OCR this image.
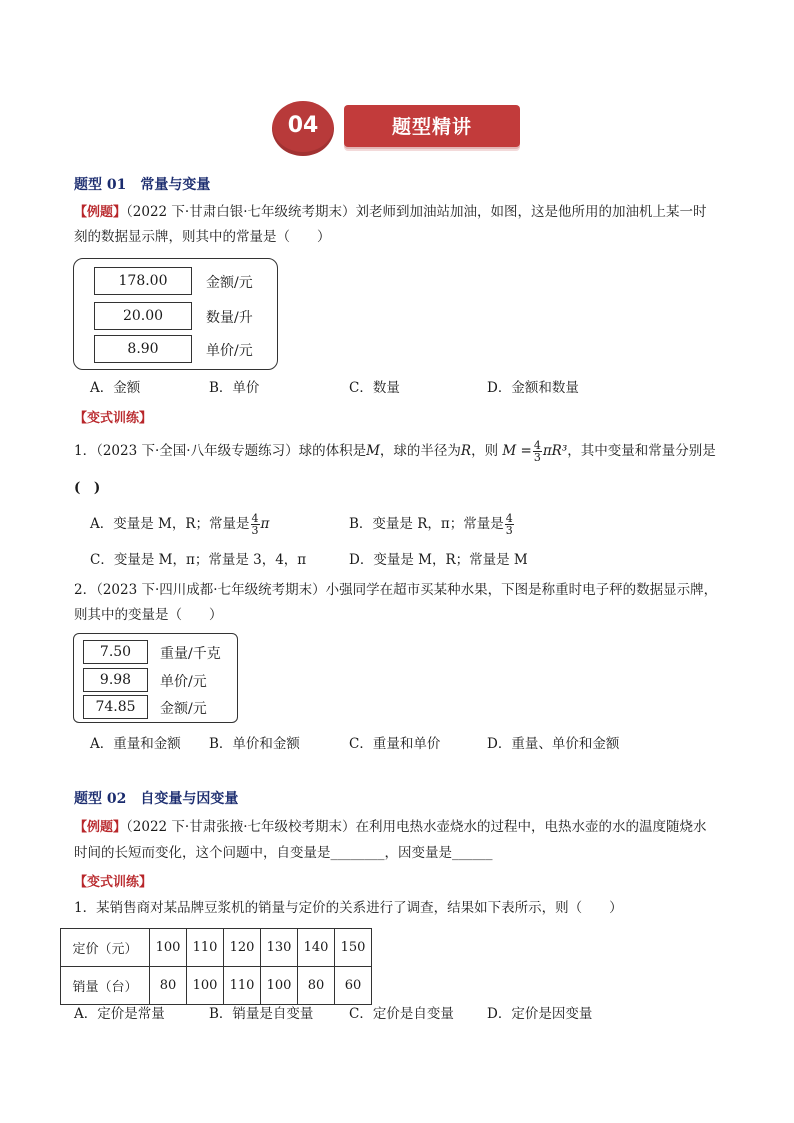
04	题型精讲
题型 01　常量与变量
【例题】（2022 下·甘肃白银·七年级统考期末）刘老师到加油站加油，如图，这是他所用的加油机上某一时
刻的数据显示牌，则其中的常量是（　　）
178.00	金额/元
20.00	数量/升
8.90	单价/元
A．金额	B．单价	C．数量	D．金额和数量
【变式训练】
1．（2023 下·全国·八年级专题练习）球的体积是M，球的半径为R，则 $M = \frac{4}{3} \pi R^3$，其中变量和常量分别是
(　)
A．变量是 M，R；常量是 $\frac{4}{3}$ π	B．变量是 R，π；常量是 $\frac{4}{3}$
C．变量是 M，π；常量是 3，4，π	D．变量是 M，R；常量是 M
2．（2023 下·四川成都·七年级统考期末）小强同学在超市买某种水果，下图是称重时电子秤的数据显示牌，
则其中的变量是（　　）
7.50	重量/千克
9.98	单价/元
74.85	金额/元
A．重量和金额 B．单价和金额	C．重量和单价	D．重量、单价和金额
题型 02　自变量与因变量
【例题】（2022 下·甘肃张掖·七年级校考期末）在利用电热水壶烧水的过程中，电热水壶的水的温度随烧水
时间的长短而变化，这个问题中，自变量是________，因变量是______
【变式训练】
1．某销售商对某品牌豆浆机的销量与定价的关系进行了调查，结果如下表所示，则（　　）
定价（元）	100	110	120	130	140	150
销量（台）	80	100	110	100	80	60
A．定价是常量	B．销量是自变量	C．定价是自变量 D．定价是因变量
